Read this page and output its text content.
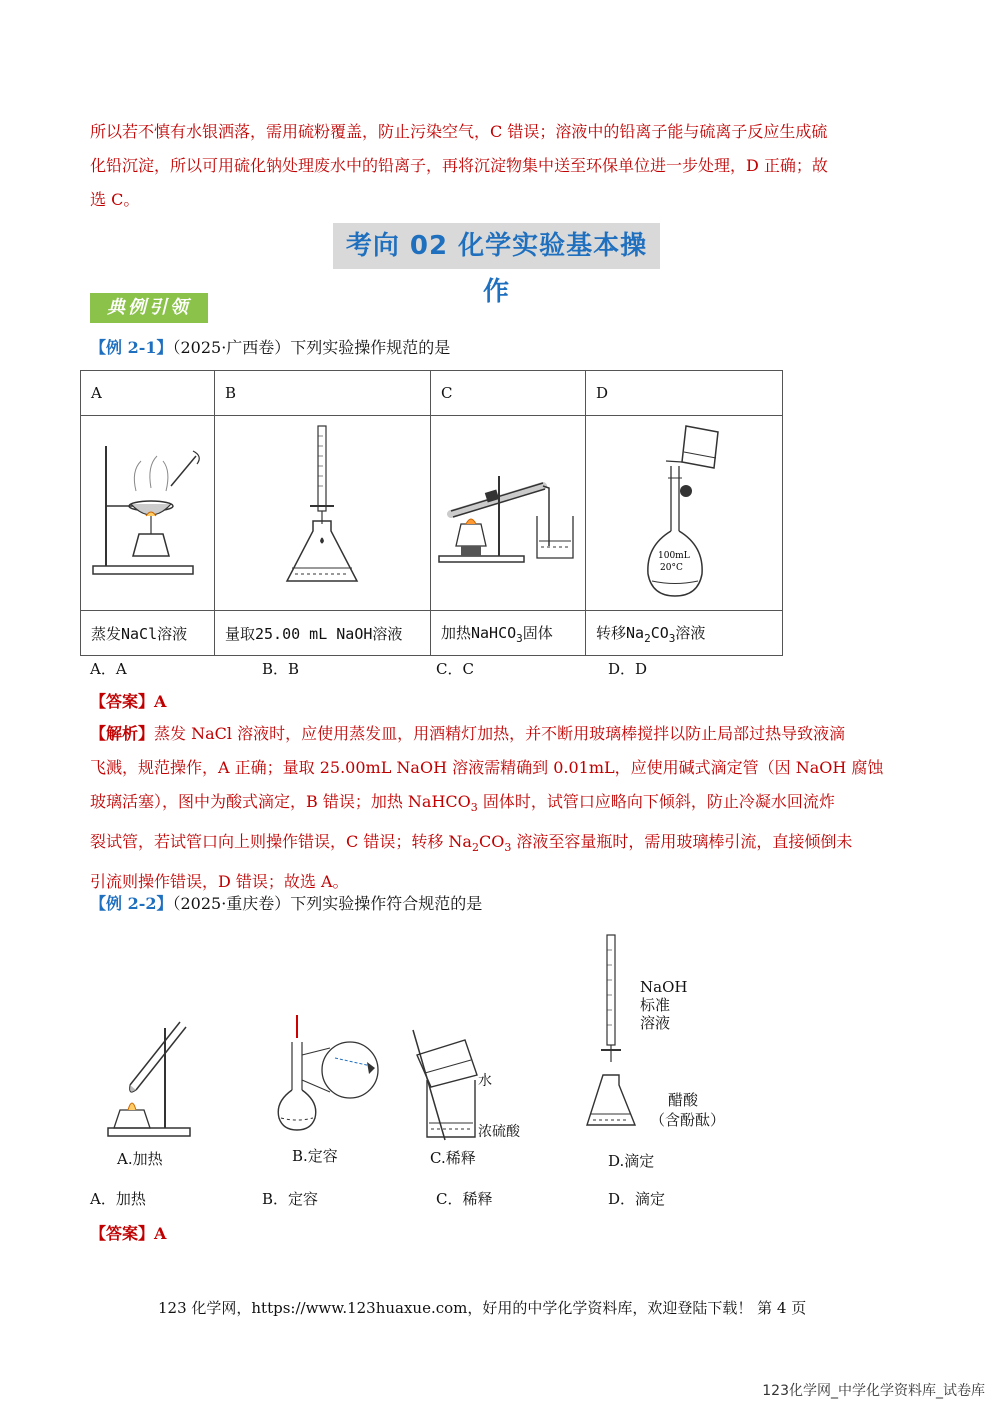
所以若不慎有水银洒落，需用硫粉覆盖，防止污染空气，C 错误；溶液中的铅离子能与硫离子反应生成硫
化铅沉淀，所以可用硫化钠处理废水中的铅离子，再将沉淀物集中送至环保单位进一步处理，D 正确；故
选 C。
考向 02 化学实验基本操作
典例引领
【例 2-1】（2025·广西卷）下列实验操作规范的是
A	B	C	D

100mL
20°C

蒸发NaCl溶液	量取25.00 mL NaOH溶液	加热NaHCO$_3$固体	转移$Na_2CO_3$溶液
A．A	B．B	C．C	D．D
【答案】A
【解析】蒸发 NaCl 溶液时，应使用蒸发皿，用酒精灯加热，并不断用玻璃棒搅拌以防止局部过热导致液滴
飞溅，规范操作，A 正确；量取 25.00mL NaOH 溶液需精确到 0.01mL，应使用碱式滴定管（因 NaOH 腐蚀
玻璃活塞），图中为酸式滴定，B 错误；加热 NaHCO$_3$ 固体时，试管口应略向下倾斜，防止冷凝水回流炸
裂试管，若试管口向上则操作错误，C 错误；转移 $Na_2CO_3$ 溶液至容量瓶时，需用玻璃棒引流，直接倾倒未
引流则操作错误，D 错误；故选 A。
【例 2-2】（2025·重庆卷）下列实验操作符合规范的是
A.加热	B.定容
水
浓硫酸
C.稀释
NaOH
标准
溶液
醋酸
（含酚酞）
D.滴定
A．加热	B．定容	C．稀释	D．滴定
【答案】A
123 化学网，https://www.123huaxue.com，好用的中学化学资料库，欢迎登陆下载！ 第 4 页
123化学网_中学化学资料库_试卷库
